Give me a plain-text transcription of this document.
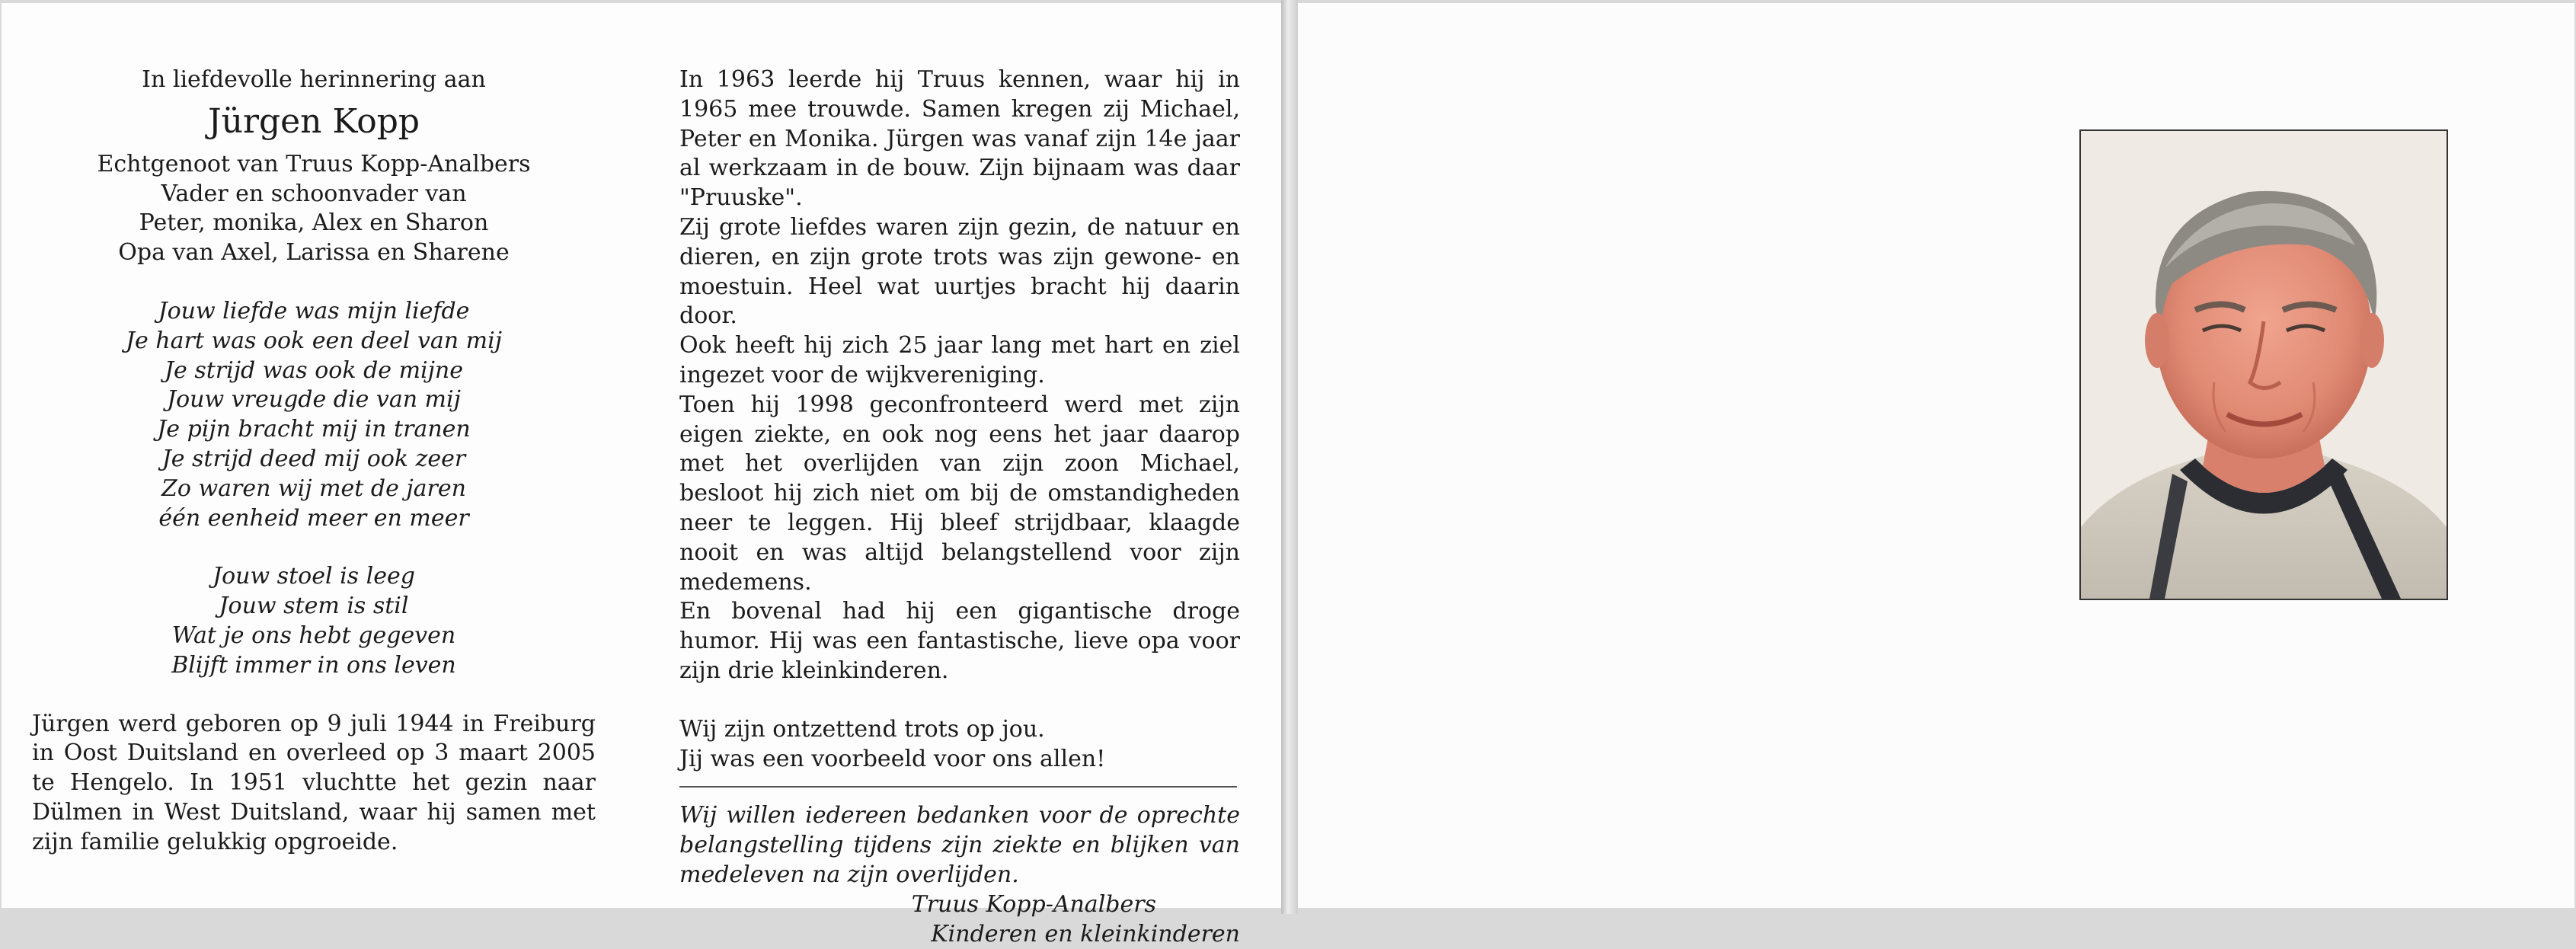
In liefdevolle herinnering aan
Jürgen Kopp
Echtgenoot van Truus Kopp-Analbers
Vader en schoonvader van
Peter, monika, Alex en Sharon
Opa van Axel, Larissa en Sharene

Jouw liefde was mijn liefde

Je hart was ook een deel van mij

Je strijd was ook de mijne

Jouw vreugde die van mij

Je pijn bracht mij in tranen

Je strijd deed mij ook zeer

Zo waren wij met de jaren

één eenheid meer en meer

Jouw stoel is leeg

Jouw stem is stil

Wat je ons hebt gegeven

Blijft immer in ons leven

Jürgen werd geboren op 9 juli 1944 in Freiburg in Oost Duitsland en overleed op 3 maart 2005 te Hengelo. In 1951 vluchtte het gezin naar Dülmen in West Duitsland, waar hij samen met zijn familie gelukkig opgroeide.

In 1963 leerde hij Truus kennen, waar hij in 1965 mee trouwde. Samen kregen zij Michael, Peter en Monika. Jürgen was vanaf zijn 14e jaar al werkzaam in de bouw. Zijn bijnaam was daar "Pruuske".

Zij grote liefdes waren zijn gezin, de natuur en dieren, en zijn grote trots was zijn gewone- en moestuin. Heel wat uurtjes bracht hij daarin door.

Ook heeft hij zich 25 jaar lang met hart en ziel ingezet voor de wijkvereniging.

Toen hij 1998 geconfronteerd werd met zijn eigen ziekte, en ook nog eens het jaar daarop met het overlijden van zijn zoon Michael, besloot hij zich niet om bij de omstandigheden neer te leggen. Hij bleef strijdbaar, klaagde nooit en was altijd belangstellend voor zijn medemens.

En bovenal had hij een gigantische droge humor. Hij was een fantastische, lieve opa voor zijn drie kleinkinderen.

Wij zijn ontzettend trots op jou.
Jij was een voorbeeld voor ons allen!

Wij willen iedereen bedanken voor de oprechte belangstelling tijdens zijn ziekte en blijken van medeleven na zijn overlijden.

Truus Kopp-Analbers
Kinderen en kleinkinderen
